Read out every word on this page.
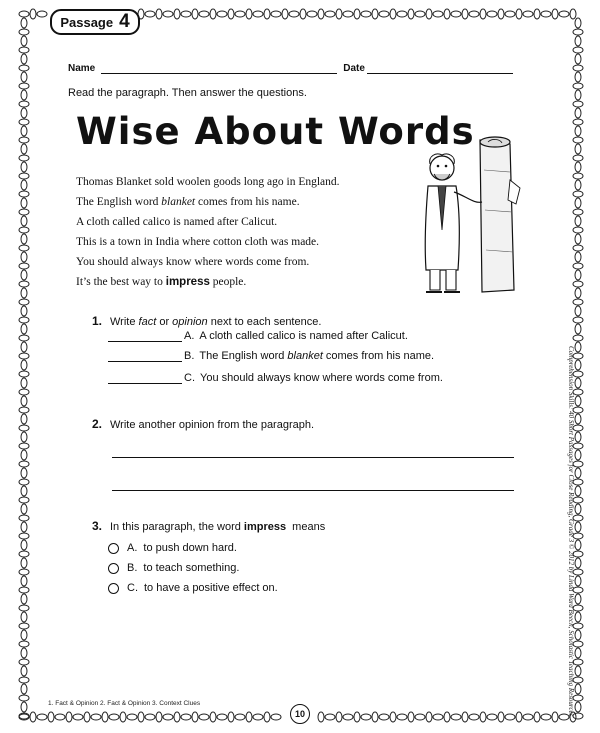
Passage 4
Name	Date
Read the paragraph. Then answer the questions.
Wise About Words
Thomas Blanket sold woolen goods long ago in England.
The English word blanket comes from his name.
A cloth called calico is named after Calicut.
This is a town in India where cotton cloth was made.
You should always know where words come from.
It’s the best way to impress people.
1. Write fact or opinion next to each sentence.
A. A cloth called calico is named after Calicut.
B. The English word blanket comes from his name.
C. You should always know where words come from.
2. Write another opinion from the paragraph.
3. In this paragraph, the word impress means
A. to push down hard.
B. to teach something.
C. to have a positive effect on.	Comprehension Skills: 40 Short Passages for Close Reading, Grade 3 © 2012 by Linda Ward Beech, Scholastic Teaching Resources
1. Fact & Opinion 2. Fact & Opinion 3. Context Clues
10
